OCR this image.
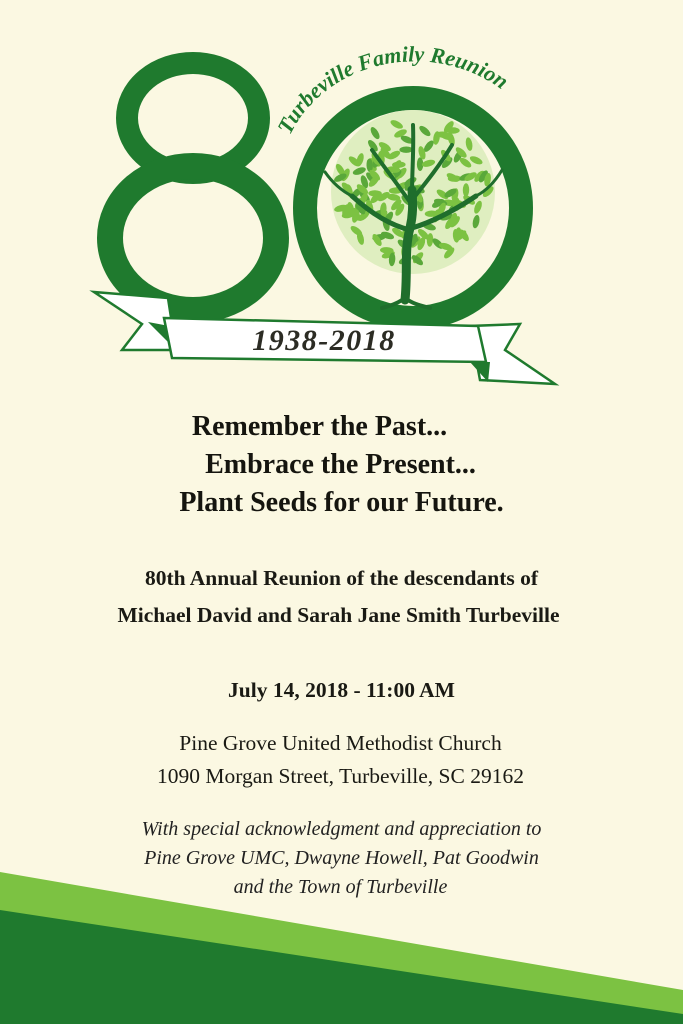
Turbeville Family Reunion
1938-2018
Remember the Past...
Embrace the Present...
Plant Seeds for our Future.
80th Annual Reunion of the descendants of
Michael David and Sarah Jane Smith Turbeville
July 14, 2018 - 11:00 AM
Pine Grove United Methodist Church
1090 Morgan Street, Turbeville, SC 29162
With special acknowledgment and appreciation to
Pine Grove UMC, Dwayne Howell, Pat Goodwin
and the Town of Turbeville
